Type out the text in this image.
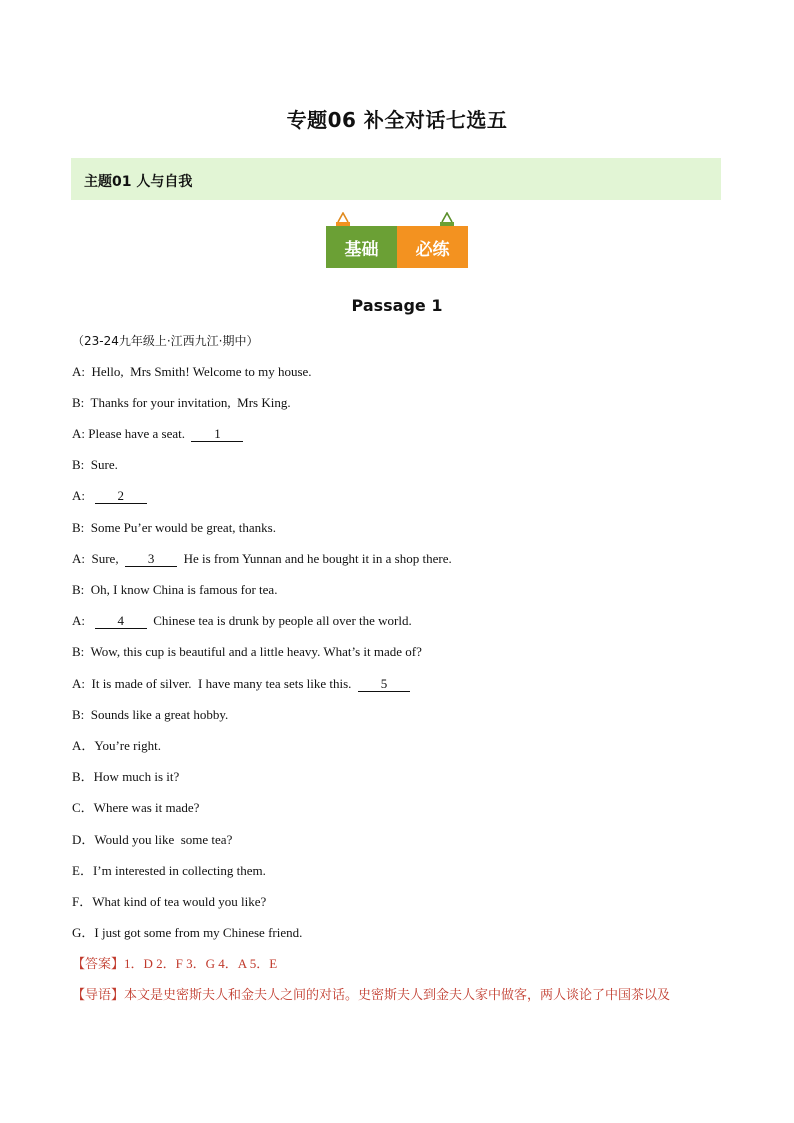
专题06 补全对话七选五
主题01 人与自我
基础	必练
Passage 1
（23-24九年级上·江西九江·期中）
A:  Hello,  Mrs Smith! Welcome to my house.
B:  Thanks for your invitation,  Mrs King.
A: Please have a seat.  1
B:  Sure.
A:   2
B:  Some Pu’er would be great, thanks.
A:  Sure,  3  He is from Yunnan and he bought it in a shop there.
B:  Oh, I know China is famous for tea.
A:   4  Chinese tea is drunk by people all over the world.
B:  Wow, this cup is beautiful and a little heavy. What’s it made of?
A:  It is made of silver.  I have many tea sets like this.  5
B:  Sounds like a great hobby.
A．You’re right.
B．How much is it?
C．Where was it made?
D．Would you like  some tea?
E．I’m interested in collecting them.
F．What kind of tea would you like?
G．I just got some from my Chinese friend.
【答案】1．D 2．F 3．G 4．A 5．E
【导语】本文是史密斯夫人和金夫人之间的对话。史密斯夫人到金夫人家中做客，两人谈论了中国茶以及
